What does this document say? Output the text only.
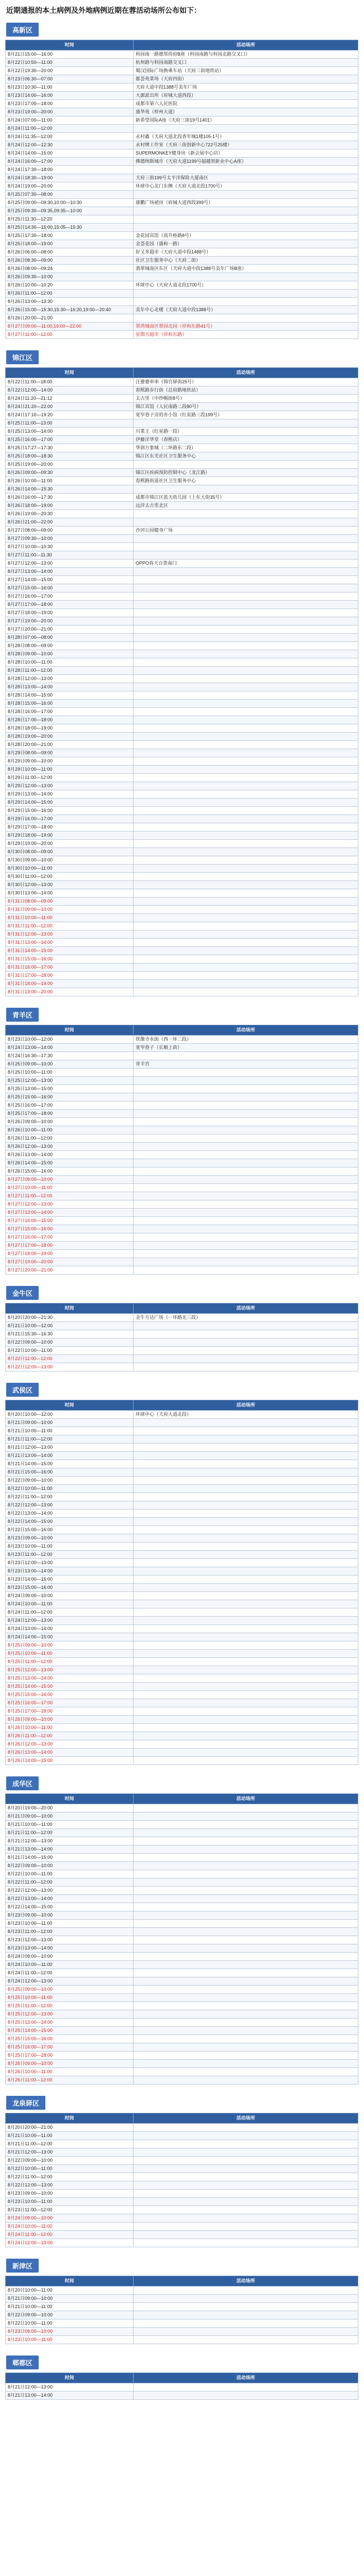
近期通报的本土病例及外地病例近期在蓉活动场所公布如下：
高新区
时间	活动场所
8月21日15:00—16:00	科园南一路德邻尚府B座（科园南路与科园北路交叉口）
8月22日10:50—11:00	杭州路与科园南路交叉口
8月22日19:30—20:00	蜀汉国际广场换乘车站（天府三街地铁站）
8月23日06:30—07:00	都荟苑菜场（天府四街）
8月23日10:30—11:00	天府大道中段1388号美年广场
8月23日14:00—16:00	大源派出所（府城大道西段）
8月23日17:00—18:00	成都市第六人民医院
8月23日19:00—20:00	盛华苑（梓州大道）
8月24日07:00—11:00	新希望国际A座（天府三街19号1401）
8月24日11:00—12:00	
8月24日11:35—12:00	永村鑫（天府大道北段香年城1楼105-1号）
8月24日12:00—12:30	永村牌工作室（天府三街创新中心722号25楼）
8月24日14:00—15:00	SUPERMONKEY健身房（新会展中心店）
8月24日16:00—17:00	佛德纳斯城市（天府大道1199号超越领新业中心A座）
8月24日17:30—18:00	
8月24日18:30—19:00	天府三街199号太平洋保险大厦南区
8月24日19:00—20:00	环球中心北门东侧（天府大道北段1700号）
8月25日07:30—08:00	
8月25日09:00—09:30,10:00—10:30	康鹏广场裙房（府城大道西段399号）
8月25日09:30—09:35,09:35—10:00	
8月25日11:30—12:20	
8月25日14:30—15:00,15:05—15:30	
8月25日17:30—18:00	金花园宾馆（高升桥路8号）
8月25日18:00—19:00	金荟花园（盛和一路）
8月26日06:00—08:00	好又多超市（天府大道中段1488号）
8月26日08:30—09:00	社区卫生服务中心（天府二街）
8月26日08:00—09:24	翡翠城南区东区（天府大道中段1388号美年广场B座）
8月26日09:30—10:00	
8月26日10:00—10:20	环球中心（天府大道北段1700号）
8月26日11:00—12:00	
8月26日13:00—13:30	
8月26日15:00—15:30,15:30—16:20,19:00—20:40	美年中心北楼（天府大道中段1388号）
8月26日20:00—21:00	
8月27日09:00—11:00,19:00—22:00	翠湾城南区翠园北园（祥和东路41号）
8月27日11:00—12:00	星期天超市（祥和东路）
锦江区
时间	活动场所
8月22日11:00—18:00	汪婆婆串串（锦官驿街25号）
8月22日12:00—14:00	春熙路步行街（总府路地铁站）
8月24日11:20—21:12	太古里（中纱帽街8号）
8月24日21:20—22:00	锦江宾馆（人民南路二段80号）
8月24日17:10—19:20	宽窄巷子旁的亦小馆（红星路三段199号）
8月25日11:00—13:00	
8月25日13:00—14:00	川菜王（红星路一段）
8月25日16:00—17:00	伊藤洋华堂（春熙店）
8月25日17:27—17:30	华润万象城（二环路东二段）
8月25日18:00—18:30	锦江区东光社区卫生服务中心
8月25日19:00—20:00	
8月26日09:00—09:30	锦江区疾病预防控制中心（龙江路）
8月26日10:00—11:00	春熙路街道社区卫生服务中心
8月26日14:00—15:30	
8月26日16:00—17:30	成都市锦江区蓝天幼儿园（上东大街35号）
8月26日18:00—19:00	远洋太古里北区
8月26日19:00—20:30	
8月26日21:00—22:00	
8月27日08:00—09:00	沙河公园健身广场
8月27日09:30—10:00	
8月27日10:00—10:30	
8月27日11:00—11:30	
8月27日12:00—13:00	OPPO春天百货南门
8月27日13:00—14:00	
8月27日14:00—15:00	
8月27日15:00—16:00	
8月27日16:00—17:00	
8月27日17:00—18:00	
8月27日18:00—19:00	
8月27日19:00—20:00	
8月27日20:00—21:00	
8月28日07:00—08:00	
8月28日08:00—09:00	
8月28日09:00—10:00	
8月28日10:00—11:00	
8月28日11:00—12:00	
8月28日12:00—13:00	
8月28日13:00—14:00	
8月28日14:00—15:00	
8月28日15:00—16:00	
8月28日16:00—17:00	
8月28日17:00—18:00	
8月28日18:00—19:00	
8月28日19:00—20:00	
8月28日20:00—21:00	
8月29日08:00—09:00	
8月29日09:00—10:00	
8月29日10:00—11:00	
8月29日11:00—12:00	
8月29日12:00—13:00	
8月29日13:00—14:00	
8月29日14:00—15:00	
8月29日15:00—16:00	
8月29日16:00—17:00	
8月29日17:00—18:00	
8月29日18:00—19:00	
8月29日19:00—20:00	
8月30日08:00—09:00	
8月30日09:00—10:00	
8月30日10:00—11:00	
8月30日11:00—12:00	
8月30日12:00—13:00	
8月30日13:00—14:00	
8月31日08:00—09:00	
8月31日09:00—10:00	
8月31日10:00—11:00	
8月31日11:00—12:00	
8月31日12:00—13:00	
8月31日13:00—14:00	
8月31日14:00—15:00	
8月31日15:00—16:00	
8月31日16:00—17:00	
8月31日17:00—18:00	
8月31日18:00—19:00	
8月31日19:00—20:00	
青羊区
时间	活动场所
8月23日10:00—12:00	铁像寺水街（西一环二段）
8月24日13:00—14:00	宽窄巷子（长顺上街）
8月24日16:30—17:30	
8月25日09:00—10:00	青羊宫
8月25日10:00—11:00	
8月25日12:00—13:00	
8月25日13:00—15:00	
8月25日15:00—16:00	
8月25日16:00—17:00	
8月25日17:00—18:00	
8月26日09:00—10:00	
8月26日10:00—11:00	
8月26日11:00—12:00	
8月26日12:00—13:00	
8月26日13:00—14:00	
8月26日14:00—15:00	
8月26日15:00—16:00	
8月27日09:00—10:00	
8月27日10:00—11:00	
8月27日11:00—12:00	
8月27日12:00—13:00	
8月27日13:00—14:00	
8月27日14:00—15:00	
8月27日15:00—16:00	
8月27日16:00—17:00	
8月27日17:00—18:00	
8月27日18:00—19:00	
8月27日19:00—20:00	
8月27日20:00—21:00	
金牛区
时间	活动场所
8月20日20:00—21:30	金牛万达广场（一环路北三段）
8月21日10:00—12:00	
8月21日15:30—16:30	
8月22日09:00—10:00	
8月22日10:00—11:00	
8月22日11:00—12:00	
8月22日12:00—13:00	
武侯区
时间	活动场所
8月20日10:00—12:00	环球中心（天府大道北段）
8月21日09:00—10:00	
8月21日10:00—11:00	
8月21日11:00—12:00	
8月21日12:00—13:00	
8月21日13:00—14:00	
8月21日14:00—15:00	
8月21日15:00—16:00	
8月22日09:00—10:00	
8月22日10:00—11:00	
8月22日11:00—12:00	
8月22日12:00—13:00	
8月22日13:00—14:00	
8月22日14:00—15:00	
8月22日15:00—16:00	
8月23日09:00—10:00	
8月23日10:00—11:00	
8月23日11:00—12:00	
8月23日12:00—13:00	
8月23日13:00—14:00	
8月23日14:00—15:00	
8月23日15:00—16:00	
8月24日09:00—10:00	
8月24日10:00—11:00	
8月24日11:00—12:00	
8月24日12:00—13:00	
8月24日13:00—14:00	
8月24日14:00—15:00	
8月25日09:00—10:00	
8月25日10:00—11:00	
8月25日11:00—12:00	
8月25日12:00—13:00	
8月25日13:00—14:00	
8月25日14:00—15:00	
8月25日15:00—16:00	
8月25日16:00—17:00	
8月25日17:00—18:00	
8月26日09:00—10:00	
8月26日10:00—11:00	
8月26日11:00—12:00	
8月26日12:00—13:00	
8月26日13:00—14:00	
8月26日14:00—15:00	
成华区
时间	活动场所
8月20日19:00—20:00	
8月21日09:00—10:00	
8月21日10:00—11:00	
8月21日11:00—12:00	
8月21日12:00—13:00	
8月21日13:00—14:00	
8月21日14:00—15:00	
8月22日09:00—10:00	
8月22日10:00—11:00	
8月22日11:00—12:00	
8月22日12:00—13:00	
8月22日13:00—14:00	
8月22日14:00—15:00	
8月23日09:00—10:00	
8月23日10:00—11:00	
8月23日11:00—12:00	
8月23日12:00—13:00	
8月23日13:00—14:00	
8月24日09:00—10:00	
8月24日10:00—11:00	
8月24日11:00—12:00	
8月24日12:00—13:00	
8月25日09:00—10:00	
8月25日10:00—11:00	
8月25日11:00—12:00	
8月25日12:00—13:00	
8月25日13:00—14:00	
8月25日14:00—15:00	
8月25日15:00—16:00	
8月25日16:00—17:00	
8月25日17:00—18:00	
8月26日09:00—10:00	
8月26日10:00—11:00	
8月26日11:00—12:00	
龙泉驿区
时间	活动场所
8月20日20:00—21:00	
8月21日10:00—11:00	
8月21日11:00—12:00	
8月21日12:00—13:00	
8月22日09:00—10:00	
8月22日10:00—11:00	
8月22日11:00—12:00	
8月22日12:00—13:00	
8月23日09:00—10:00	
8月23日10:00—11:00	
8月23日11:00—12:00	
8月24日09:00—10:00	
8月24日10:00—11:00	
8月24日11:00—12:00	
8月24日12:00—13:00	
新津区
时间	活动场所
8月20日10:00—11:00	
8月21日09:00—10:00	
8月21日10:00—11:00	
8月22日09:00—10:00	
8月22日10:00—11:00	
8月23日09:00—10:00	
8月23日10:00—11:00	
郫都区
时间	活动场所
8月21日12:00—13:00	
8月21日13:00—14:00	
